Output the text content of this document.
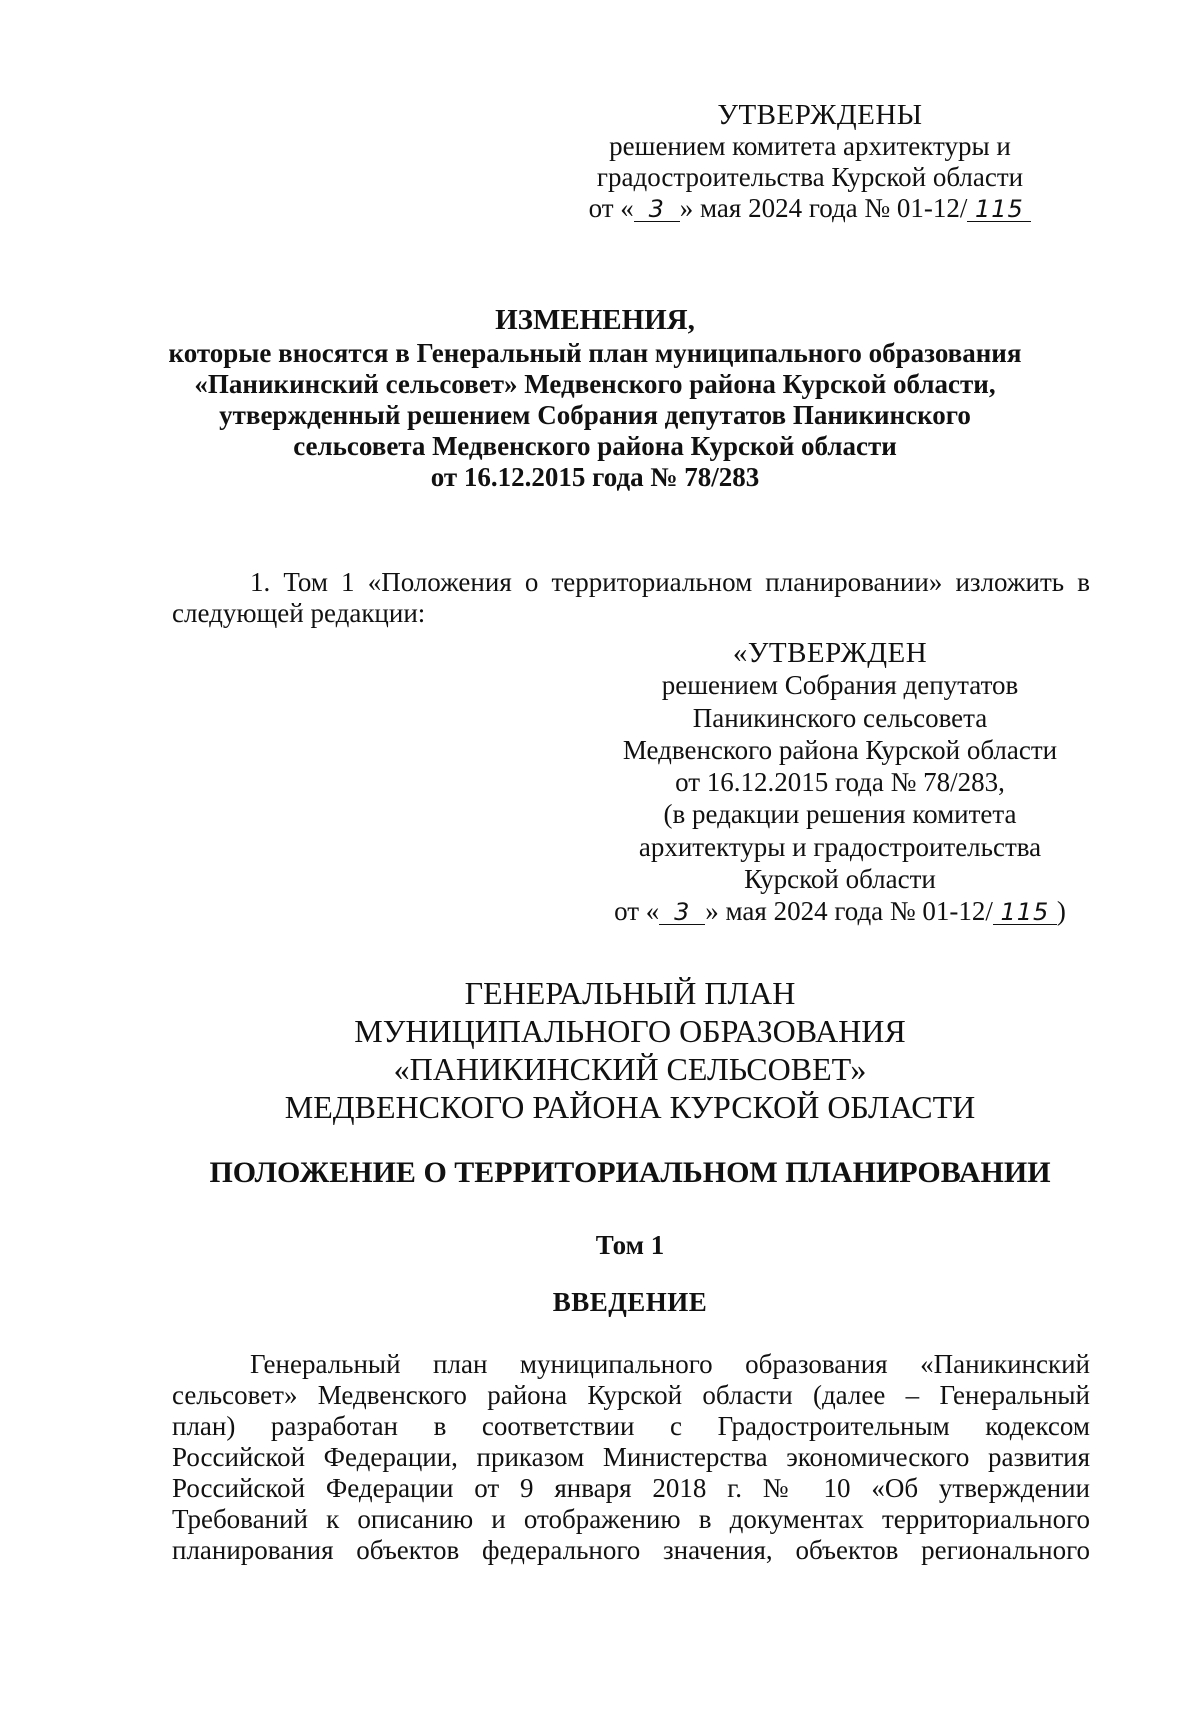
УТВЕРЖДЕНЫ
решением комитета архитектуры и
градостроительства Курской области
от « 3 » мая 2024 года № 01-12/ 115
ИЗМЕНЕНИЯ,
которые вносятся в Генеральный план муниципального образования
«Паникинский сельсовет» Медвенского района Курской области,
утвержденный решением Собрания депутатов Паникинского
сельсовета Медвенского района Курской области
от 16.12.2015 года № 78/283
1. Том 1 «Положения о территориальном планировании» изложить в
следующей редакции:
«УТВЕРЖДЕН
решением Собрания депутатов
Паникинского сельсовета
Медвенского района Курской области
от 16.12.2015 года № 78/283,
(в редакции решения комитета
архитектуры и градостроительства
Курской области
от « 3 » мая 2024 года № 01-12/ 115 )
ГЕНЕРАЛЬНЫЙ ПЛАН
МУНИЦИПАЛЬНОГО ОБРАЗОВАНИЯ
«ПАНИКИНСКИЙ СЕЛЬСОВЕТ»
МЕДВЕНСКОГО РАЙОНА КУРСКОЙ ОБЛАСТИ
ПОЛОЖЕНИЕ О ТЕРРИТОРИАЛЬНОМ ПЛАНИРОВАНИИ
Том 1
ВВЕДЕНИЕ
Генеральный план муниципального образования «Паникинский
сельсовет» Медвенского района Курской области (далее – Генеральный
план) разработан в соответствии с Градостроительным кодексом
Российской Федерации, приказом Министерства экономического развития
Российской Федерации от 9 января 2018 г. № 10 «Об утверждении
Требований к описанию и отображению в документах территориального
планирования объектов федерального значения, объектов регионального
